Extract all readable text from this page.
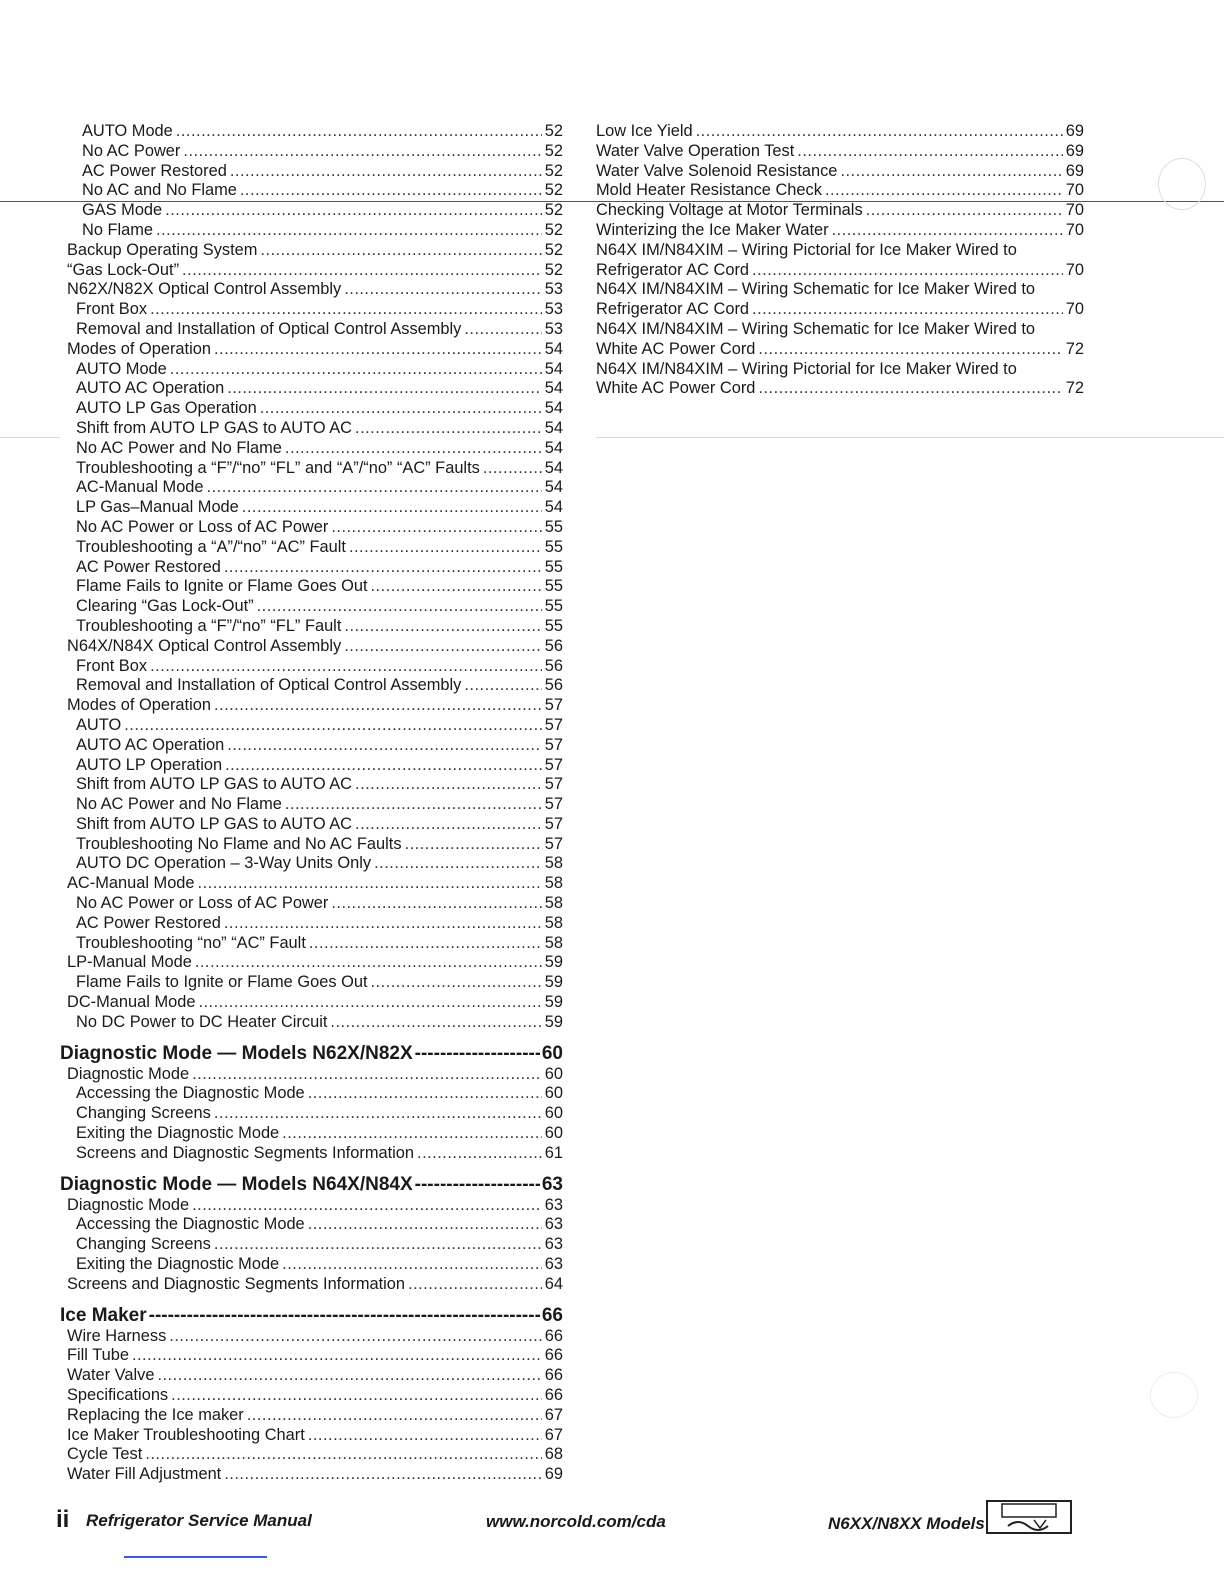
AUTO Mode .....	52
No AC Power .....	52
AC Power Restored .....	52
No AC and No Flame .....	52
GAS Mode .....	52
No Flame .....	52
Backup Operating System .....	52
“Gas Lock-Out” .....	52
N62X/N82X Optical Control Assembly .....	53
Front Box .....	53
Removal and Installation of Optical Control Assembly .....	53
Modes of Operation .....	54
AUTO Mode .....	54
AUTO AC Operation .....	54
AUTO LP Gas Operation .....	54
Shift from AUTO LP GAS to AUTO AC .....	54
No AC Power and No Flame .....	54
Troubleshooting a “F”/“no” “FL” and “A”/“no” “AC” Faults .....	54
AC-Manual Mode .....	54
LP Gas–Manual Mode .....	54
No AC Power or Loss of AC Power .....	55
Troubleshooting a “A”/“no” “AC” Fault .....	55
AC Power Restored .....	55
Flame Fails to Ignite or Flame Goes Out .....	55
Clearing “Gas Lock-Out” .....	55
Troubleshooting a “F”/“no” “FL” Fault .....	55
N64X/N84X Optical Control Assembly .....	56
Front Box .....	56
Removal and Installation of Optical Control Assembly .....	56
Modes of Operation .....	57
AUTO .....	57
AUTO AC Operation .....	57
AUTO LP Operation .....	57
Shift from AUTO LP GAS to AUTO AC .....	57
No AC Power and No Flame .....	57
Shift from AUTO LP GAS to AUTO AC .....	57
Troubleshooting No Flame and No AC Faults .....	57
AUTO DC Operation – 3-Way Units Only .....	58
AC-Manual Mode .....	58
No AC Power or Loss of AC Power .....	58
AC Power Restored .....	58
Troubleshooting “no” “AC” Fault .....	58
LP-Manual Mode .....	59
Flame Fails to Ignite or Flame Goes Out .....	59
DC-Manual Mode .....	59
No DC Power to DC Heater Circuit .....	59
Diagnostic Mode — Models N62X/N82X -----	60
Diagnostic Mode .....	60
Accessing the Diagnostic Mode .....	60
Changing Screens .....	60
Exiting the Diagnostic Mode .....	60
Screens and Diagnostic Segments Information .....	61
Diagnostic Mode — Models N64X/N84X -----	63
Diagnostic Mode .....	63
Accessing the Diagnostic Mode .....	63
Changing Screens .....	63
Exiting the Diagnostic Mode .....	63
Screens and Diagnostic Segments Information .....	64
Ice Maker -----	66
Wire Harness .....	66
Fill Tube .....	66
Water Valve .....	66
Specifications .....	66
Replacing the Ice maker .....	67
Ice Maker Troubleshooting Chart .....	67
Cycle Test .....	68
Water Fill Adjustment .....	69
Low Ice Yield .....	69
Water Valve Operation Test .....	69
Water Valve Solenoid Resistance .....	69
Mold Heater Resistance Check .....	70
Checking Voltage at Motor Terminals .....	70
Winterizing the Ice Maker Water .....	70
N64X IM/N84XIM – Wiring Pictorial for Ice Maker Wired to
Refrigerator AC Cord .....	70
N64X IM/N84XIM – Wiring Schematic for Ice Maker Wired to
Refrigerator AC Cord .....	70
N64X IM/N84XIM – Wiring Schematic for Ice Maker Wired to
White AC Power Cord .....	72
N64X IM/N84XIM – Wiring Pictorial for Ice Maker Wired to
White AC Power Cord .....	72
ii Refrigerator Service Manual	www.norcold.com/cda	N6XX/N8XX Models
